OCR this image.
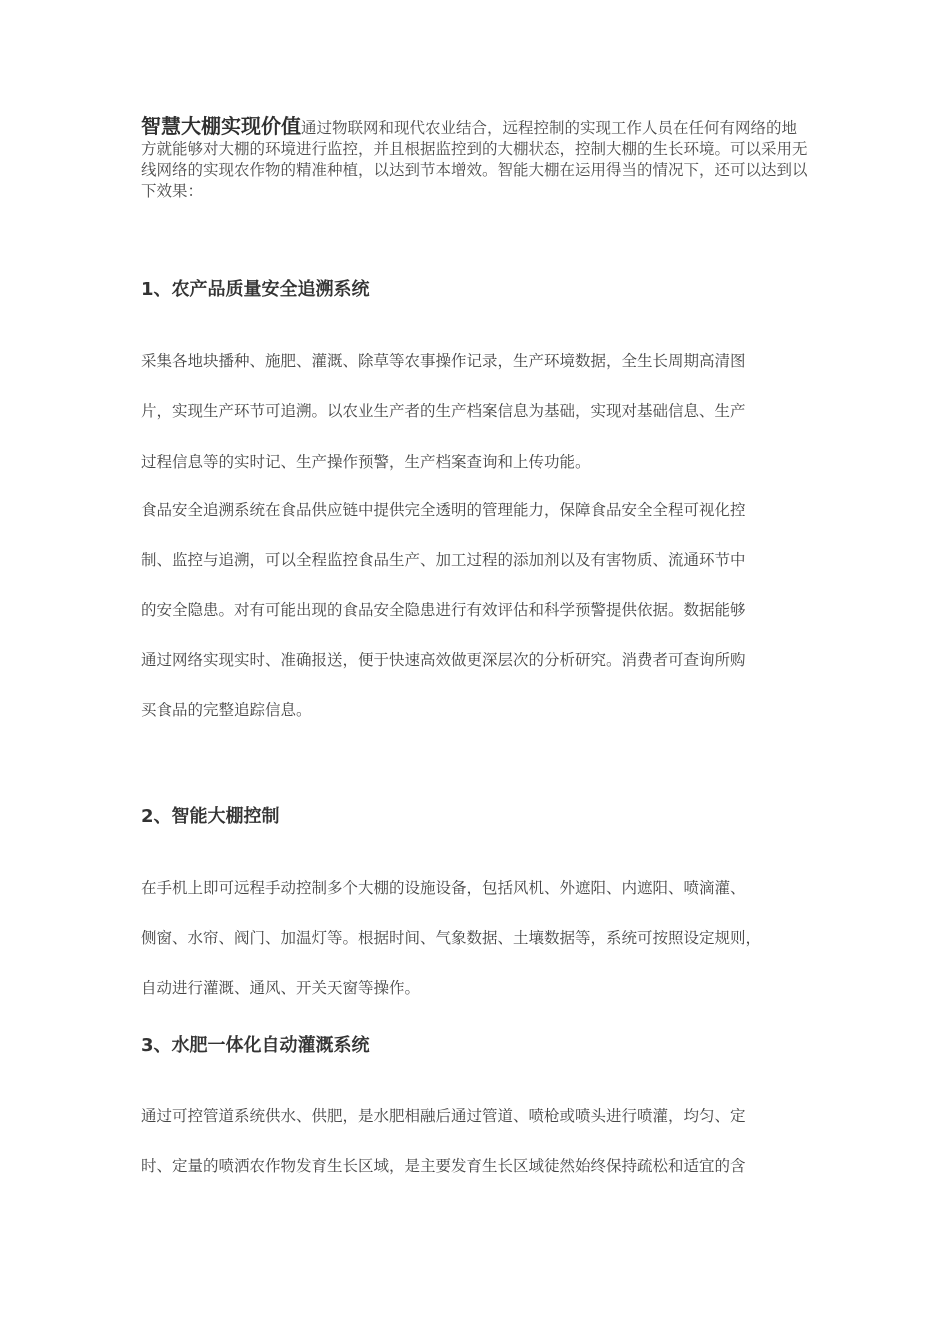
智慧大棚实现价值通过物联网和现代农业结合，远程控制的实现工作人员在任何有网络的地方就能够对大棚的环境进行监控，并且根据监控到的大棚状态，控制大棚的生长环境。可以采用无线网络的实现农作物的精准种植，以达到节本增效。智能大棚在运用得当的情况下，还可以达到以下效果：
1、农产品质量安全追溯系统
采集各地块播种、施肥、灌溉、除草等农事操作记录，生产环境数据，全生长周期高清图
片，实现生产环节可追溯。以农业生产者的生产档案信息为基础，实现对基础信息、生产
过程信息等的实时记、生产操作预警，生产档案查询和上传功能。
食品安全追溯系统在食品供应链中提供完全透明的管理能力，保障食品安全全程可视化控
制、监控与追溯，可以全程监控食品生产、加工过程的添加剂以及有害物质、流通环节中
的安全隐患。对有可能出现的食品安全隐患进行有效评估和科学预警提供依据。数据能够
通过网络实现实时、准确报送，便于快速高效做更深层次的分析研究。消费者可查询所购
买食品的完整追踪信息。
2、智能大棚控制
在手机上即可远程手动控制多个大棚的设施设备，包括风机、外遮阳、内遮阳、喷滴灌、
侧窗、水帘、阀门、加温灯等。根据时间、气象数据、土壤数据等，系统可按照设定规则，
自动进行灌溉、通风、开关天窗等操作。
3、水肥一体化自动灌溉系统
通过可控管道系统供水、供肥，是水肥相融后通过管道、喷枪或喷头进行喷灌，均匀、定
时、定量的喷洒农作物发育生长区域，是主要发育生长区域徒然始终保持疏松和适宜的含
